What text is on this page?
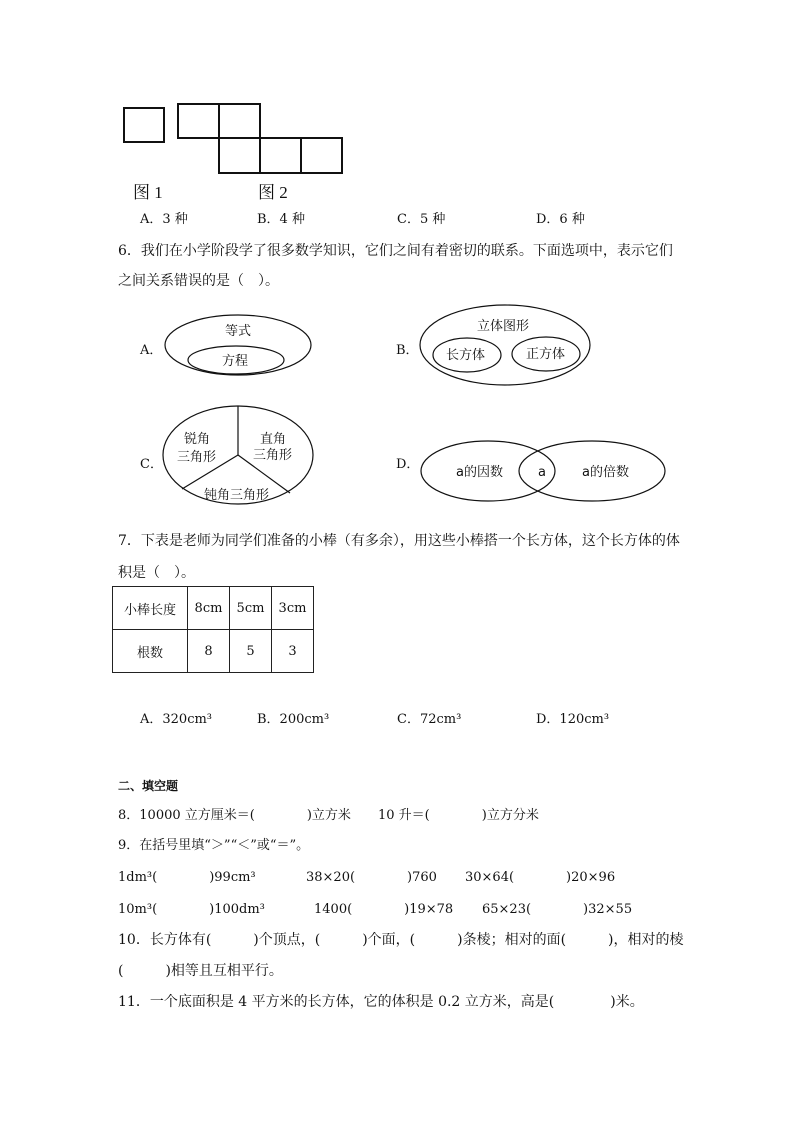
图 1	图 2
A．3 种	B．4 种	C．5 种	D．6 种
6．我们在小学阶段学了很多数学知识，它们之间有着密切的联系。下面选项中，表示它们
之间关系错误的是（　）。
A．
等式
方程
B．
立体图形
长方体	正方体
C．
锐角
三角形
直角
三角形
钝角三角形
D．
a的因数	a	a的倍数
7．下表是老师为同学们准备的小棒（有多余），用这些小棒搭一个长方体，这个长方体的体
积是（　）。
小棒长度	8cm	5cm	3cm
根数	8	5	3
A．320cm³	B．200cm³	C．72cm³	D．120cm³
二、填空题
8．10000 立方厘米＝(　　　　)立方米 10 升＝(　　　　)立方分米
9．在括号里填“＞”“＜”或“＝”。
1dm³(　　　　)99cm³	38×20(　　　　)760 30×64(　　　　)20×96
10m³(　　　　)100dm³	1400(　　　　)19×78 65×23(　　　　)32×55
10．长方体有(　　　)个顶点，(　　　)个面，(　　　)条棱；相对的面(　　　)，相对的棱
(　　　)相等且互相平行。
11．一个底面积是 4 平方米的长方体，它的体积是 0.2 立方米，高是(　　　　)米。
